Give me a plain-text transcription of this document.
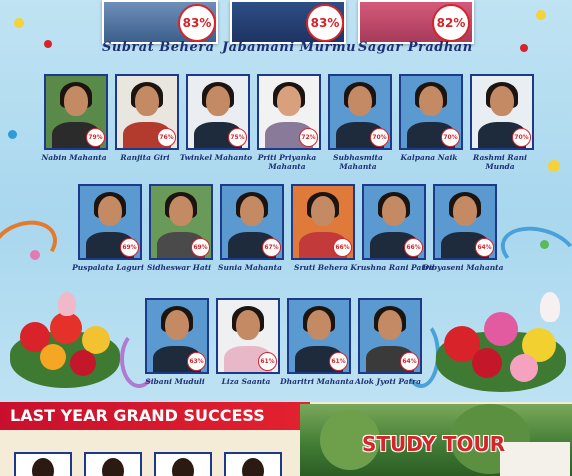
83%	83%	82%
Subrat Behera Jabamani Murmu Sagar Pradhan
79%	76%	75%	72%	70%	70%	70%
Nabin Mahanta	Ranjita Giri	Twinkel Mahanto Priti Priyanka Mahanta
Subhasmita Mahanta
Kalpana Naik	Rashmi Rani Munda
69%	69%	67%	66%	66%	64%
Puspalata Laguri Sidheswar Hati Sunia Mahanta	Sruti Behera Krushna Rani Patra
Dibyaseni Mahanta
63%	61%	61%	64%
Sibani Muduli	Liza Saanta	Dharitri Mahanta Alok Jyoti Patra
LAST YEAR GRAND SUCCESS
STUDY TOUR
